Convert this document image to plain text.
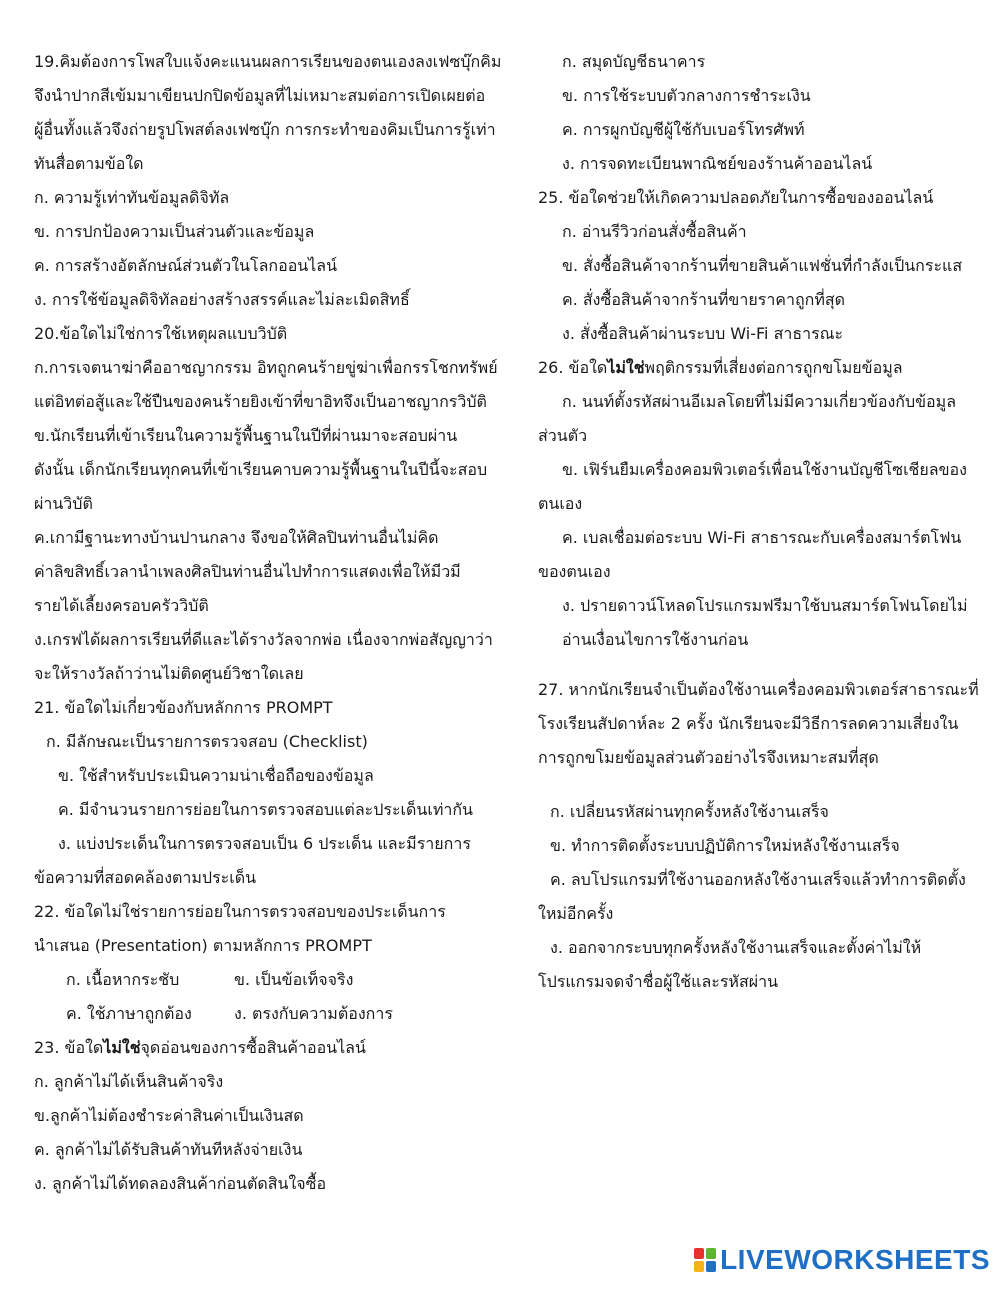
19.คิมต้องการโพสใบแจ้งคะแนนผลการเรียนของตนเองลงเฟซบุ๊กคิม
จึงนำปากสีเข้มมาเขียนปกปิดข้อมูลที่ไม่เหมาะสมต่อการเปิดเผยต่อ
ผู้อื่นทั้งแล้วจึงถ่ายรูปโพสต์ลงเฟซบุ๊ก การกระทำของคิมเป็นการรู้เท่า
ทันสื่อตามข้อใด
ก. ความรู้เท่าทันข้อมูลดิจิทัล
ข. การปกป้องความเป็นส่วนตัวและข้อมูล
ค. การสร้างอัตลักษณ์ส่วนตัวในโลกออนไลน์
ง. การใช้ข้อมูลดิจิทัลอย่างสร้างสรรค์และไม่ละเมิดสิทธิ์
20.ข้อใดไม่ใช่การใช้เหตุผลแบบวิบัติ
ก.การเจตนาฆ่าคืออาชญากรรม อิทถูกคนร้ายขู่ฆ่าเพื่อกรรโชกทรัพย์
แต่อิทต่อสู้และใช้ปืนของคนร้ายยิงเข้าที่ขาอิทจึงเป็นอาชญากรวิบัติ
ข.นักเรียนที่เข้าเรียนในความรู้พื้นฐานในปีที่ผ่านมาจะสอบผ่าน
ดังนั้น เด็กนักเรียนทุกคนที่เข้าเรียนคาบความรู้พื้นฐานในปีนี้จะสอบ
ผ่านวิบัติ
ค.เกามีฐานะทางบ้านปานกลาง จึงขอให้ศิลปินท่านอื่นไม่คิด
ค่าลิขสิทธิ์เวลานำเพลงศิลปินท่านอื่นไปทำการแสดงเพื่อให้มีวมี
รายได้เลี้ยงครอบครัววิบัติ
ง.เกรฟได้ผลการเรียนที่ดีและได้รางวัลจากพ่อ เนื่องจากพ่อสัญญาว่า
จะให้รางวัลถ้าว่านไม่ติดศูนย์วิชาใดเลย
21. ข้อใดไม่เกี่ยวข้องกับหลักการ PROMPT
ก. มีลักษณะเป็นรายการตรวจสอบ (Checklist)
ข. ใช้สำหรับประเมินความน่าเชื่อถือของข้อมูล
ค. มีจำนวนรายการย่อยในการตรวจสอบแต่ละประเด็นเท่ากัน
ง. แบ่งประเด็นในการตรวจสอบเป็น 6 ประเด็น และมีรายการ
ข้อความที่สอดคล้องตามประเด็น
22. ข้อใดไม่ใช่รายการย่อยในการตรวจสอบของประเด็นการ
นำเสนอ (Presentation) ตามหลักการ PROMPT
ก. เนื้อหากระชับ	ข. เป็นข้อเท็จจริง
ค. ใช้ภาษาถูกต้อง	ง. ตรงกับความต้องการ
23. ข้อใดไม่ใช่จุดอ่อนของการซื้อสินค้าออนไลน์
ก. ลูกค้าไม่ได้เห็นสินค้าจริง
ข.ลูกค้าไม่ต้องชำระค่าสินค่าเป็นเงินสด
ค. ลูกค้าไม่ได้รับสินค้าทันทีหลังจ่ายเงิน
ง. ลูกค้าไม่ได้ทดลองสินค้าก่อนตัดสินใจซื้อ
ก. สมุดบัญชีธนาคาร
ข. การใช้ระบบตัวกลางการชำระเงิน
ค. การผูกบัญชีผู้ใช้กับเบอร์โทรศัพท์
ง. การจดทะเบียนพาณิชย์ของร้านค้าออนไลน์
25. ข้อใดช่วยให้เกิดความปลอดภัยในการซื้อของออนไลน์
ก. อ่านรีวิวก่อนสั่งซื้อสินค้า
ข. สั่งซื้อสินค้าจากร้านที่ขายสินค้าแฟชั่นที่กำลังเป็นกระแส
ค. สั่งซื้อสินค้าจากร้านที่ขายราคาถูกที่สุด
ง. สั่งซื้อสินค้าผ่านระบบ Wi-Fi สาธารณะ
26. ข้อใดไม่ใช่พฤติกรรมที่เสี่ยงต่อการถูกขโมยข้อมูล
ก. นนท์ตั้งรหัสผ่านอีเมลโดยที่ไม่มีความเกี่ยวข้องกับข้อมูล
ส่วนตัว
ข. เฟิร์นยืมเครื่องคอมพิวเตอร์เพื่อนใช้งานบัญชีโซเชียลของ
ตนเอง
ค. เบลเชื่อมต่อระบบ Wi-Fi สาธารณะกับเครื่องสมาร์ตโฟน
ของตนเอง
ง. ปรายดาวน์โหลดโปรแกรมฟรีมาใช้บนสมาร์ตโฟนโดยไม่
อ่านเงื่อนไขการใช้งานก่อน
27. หากนักเรียนจำเป็นต้องใช้งานเครื่องคอมพิวเตอร์สาธารณะที่
โรงเรียนสัปดาห์ละ 2 ครั้ง นักเรียนจะมีวิธีการลดความเสี่ยงใน
การถูกขโมยข้อมูลส่วนตัวอย่างไรจึงเหมาะสมที่สุด
ก. เปลี่ยนรหัสผ่านทุกครั้งหลังใช้งานเสร็จ
ข. ทำการติดตั้งระบบปฏิบัติการใหม่หลังใช้งานเสร็จ
ค. ลบโปรแกรมที่ใช้งานออกหลังใช้งานเสร็จแล้วทำการติดตั้ง
ใหม่อีกครั้ง
ง. ออกจากระบบทุกครั้งหลังใช้งานเสร็จและตั้งค่าไม่ให้
โปรแกรมจดจำชื่อผู้ใช้และรหัสผ่าน
LIVEWORKSHEETS
